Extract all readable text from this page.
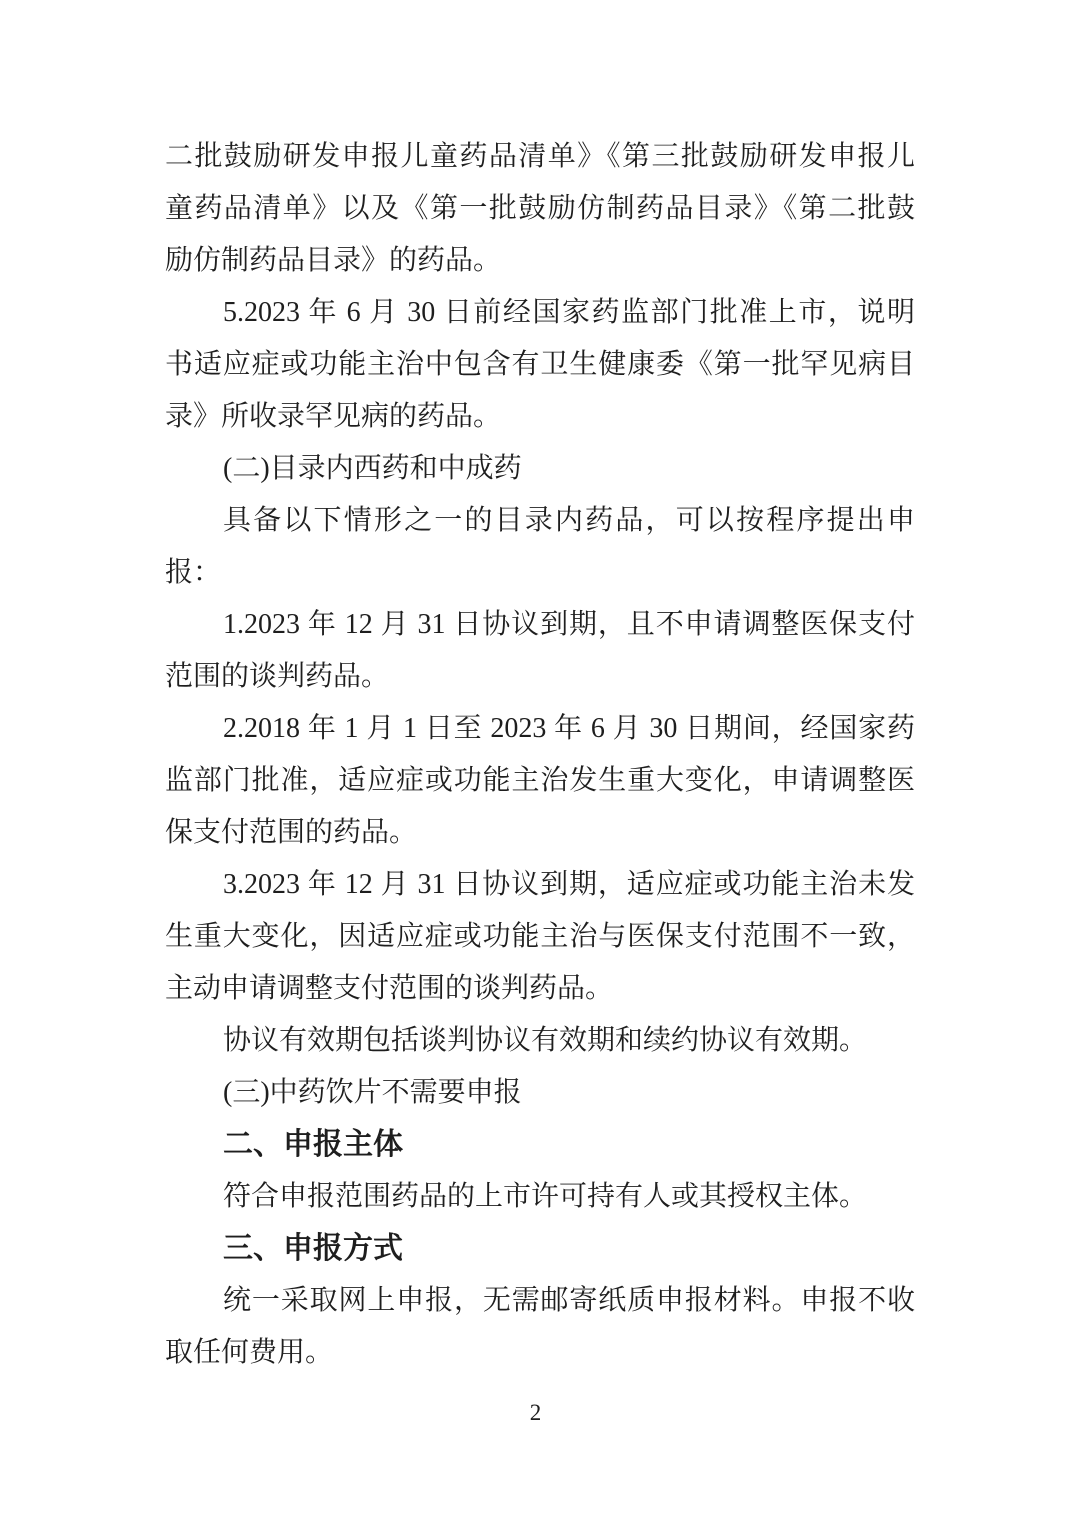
二批鼓励研发申报儿童药品清单》《第三批鼓励研发申报儿
童药品清单》以及《第一批鼓励仿制药品目录》《第二批鼓
励仿制药品目录》的药品。
5.2023 年 6 月 30 日前经国家药监部门批准上市，说明
书适应症或功能主治中包含有卫生健康委《第一批罕见病目
录》所收录罕见病的药品。
(二)目录内西药和中成药
具备以下情形之一的目录内药品，可以按程序提出申
报：
1.2023 年 12 月 31 日协议到期，且不申请调整医保支付
范围的谈判药品。
2.2018 年 1 月 1 日至 2023 年 6 月 30 日期间，经国家药
监部门批准，适应症或功能主治发生重大变化，申请调整医
保支付范围的药品。
3.2023 年 12 月 31 日协议到期，适应症或功能主治未发
生重大变化，因适应症或功能主治与医保支付范围不一致，
主动申请调整支付范围的谈判药品。
协议有效期包括谈判协议有效期和续约协议有效期。
(三)中药饮片不需要申报
二、申报主体
符合申报范围药品的上市许可持有人或其授权主体。
三、申报方式
统一采取网上申报，无需邮寄纸质申报材料。申报不收
取任何费用。
2
